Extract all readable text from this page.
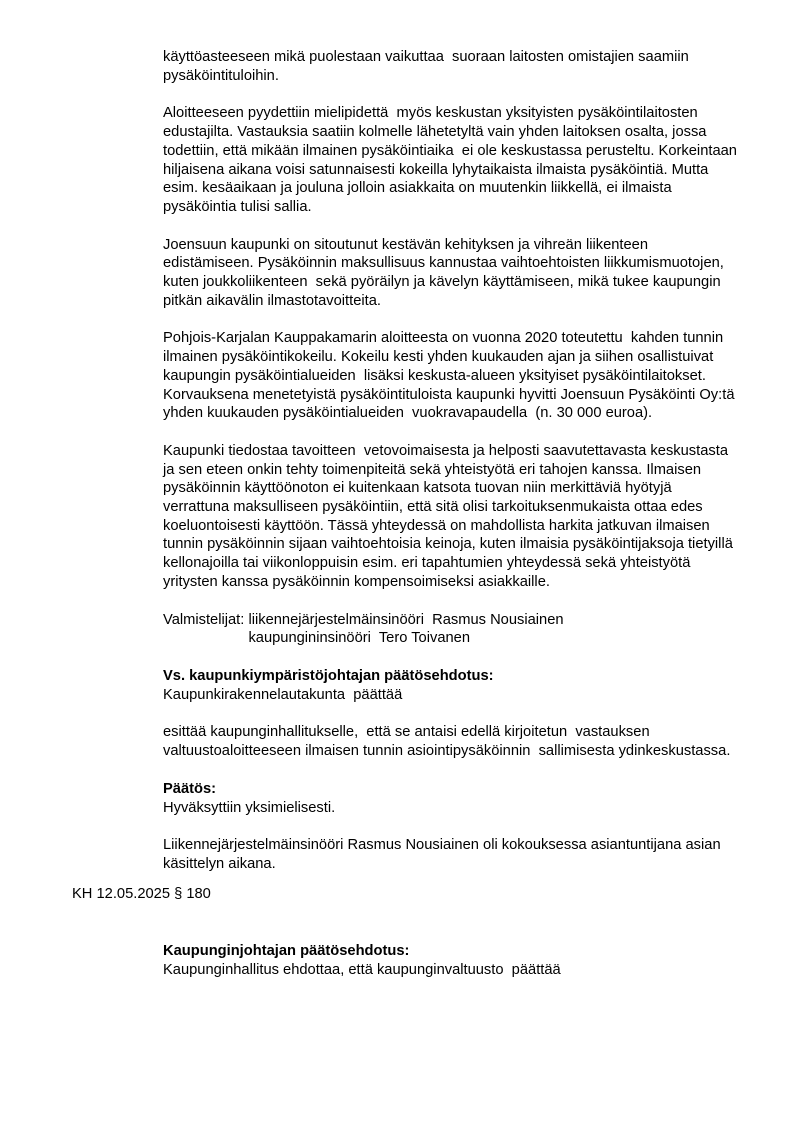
käyttöasteeseen mikä puolestaan vaikuttaa  suoraan laitosten omistajien saamiin
pysäköintituloihin.
Aloitteeseen pyydettiin mielipidettä  myös keskustan yksityisten pysäköintilaitosten
edustajilta. Vastauksia saatiin kolmelle lähetetyltä vain yhden laitoksen osalta, jossa
todettiin, että mikään ilmainen pysäköintiaika  ei ole keskustassa perusteltu. Korkeintaan
hiljaisena aikana voisi satunnaisesti kokeilla lyhytaikaista ilmaista pysäköintiä. Mutta
esim. kesäaikaan ja jouluna jolloin asiakkaita on muutenkin liikkellä, ei ilmaista
pysäköintia tulisi sallia.
Joensuun kaupunki on sitoutunut kestävän kehityksen ja vihreän liikenteen
edistämiseen. Pysäköinnin maksullisuus kannustaa vaihtoehtoisten liikkumismuotojen,
kuten joukkoliikenteen  sekä pyöräilyn ja kävelyn käyttämiseen, mikä tukee kaupungin
pitkän aikavälin ilmastotavoitteita.
Pohjois-Karjalan Kauppakamarin aloitteesta on vuonna 2020 toteutettu  kahden tunnin
ilmainen pysäköintikokeilu. Kokeilu kesti yhden kuukauden ajan ja siihen osallistuivat
kaupungin pysäköintialueiden  lisäksi keskusta-alueen yksityiset pysäköintilaitokset.
Korvauksena menetetyistä pysäköintituloista kaupunki hyvitti Joensuun Pysäköinti Oy:tä
yhden kuukauden pysäköintialueiden  vuokravapaudella  (n. 30 000 euroa).
Kaupunki tiedostaa tavoitteen  vetovoimaisesta ja helposti saavutettavasta keskustasta
ja sen eteen onkin tehty toimenpiteitä sekä yhteistyötä eri tahojen kanssa. Ilmaisen
pysäköinnin käyttöönoton ei kuitenkaan katsota tuovan niin merkittäviä hyötyjä
verrattuna maksulliseen pysäköintiin, että sitä olisi tarkoituksenmukaista ottaa edes
koeluontoisesti käyttöön. Tässä yhteydessä on mahdollista harkita jatkuvan ilmaisen
tunnin pysäköinnin sijaan vaihtoehtoisia keinoja, kuten ilmaisia pysäköintijaksoja tietyillä
kellonajoilla tai viikonloppuisin esim. eri tapahtumien yhteydessä sekä yhteistyötä
yritysten kanssa pysäköinnin kompensoimiseksi asiakkaille.
Valmistelijat: liikennejärjestelmäinsinööri  Rasmus Nousiainen
kaupungininsinööri  Tero Toivanen
Vs. kaupunkiympäristöjohtajan päätösehdotus:
Kaupunkirakennelautakunta  päättää
esittää kaupunginhallitukselle,  että se antaisi edellä kirjoitetun  vastauksen
valtuustoaloitteeseen ilmaisen tunnin asiointipysäköinnin  sallimisesta ydinkeskustassa.
Päätös:
Hyväksyttiin yksimielisesti.
Liikennejärjestelmäinsinööri Rasmus Nousiainen oli kokouksessa asiantuntijana asian
käsittelyn aikana.
KH 12.05.2025 § 180
Kaupunginjohtajan päätösehdotus:
Kaupunginhallitus ehdottaa, että kaupunginvaltuusto  päättää
